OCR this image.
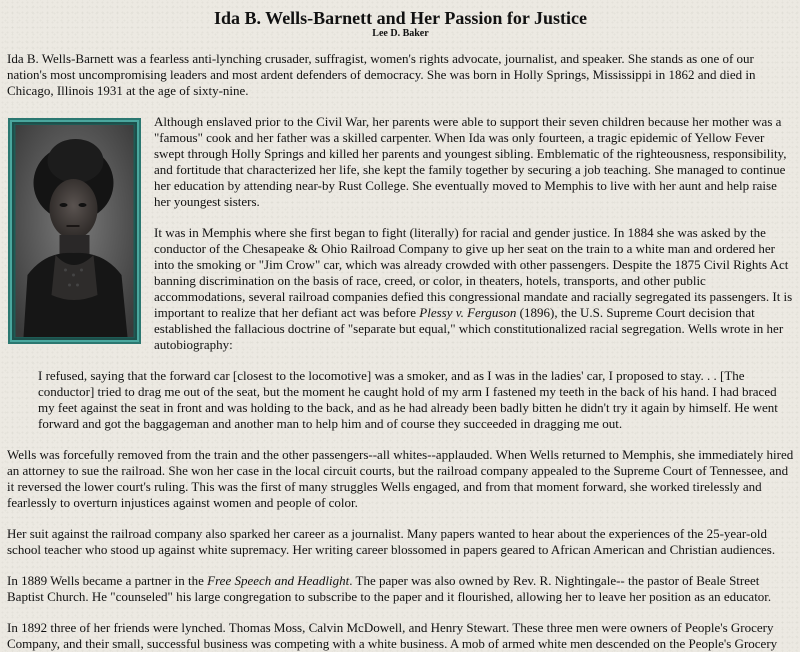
Ida B. Wells-Barnett and Her Passion for Justice
Lee D. Baker

Ida B. Wells-Barnett was a fearless anti-lynching crusader, suffragist, women's rights advocate, journalist, and speaker. She stands as one of our nation's most uncompromising leaders and most ardent defenders of democracy. She was born in Holly Springs, Mississippi in 1862 and died in Chicago, Illinois 1931 at the age of sixty-nine.

Although enslaved prior to the Civil War, her parents were able to support their seven children because her mother was a "famous" cook and her father was a skilled carpenter. When Ida was only fourteen, a tragic epidemic of Yellow Fever swept through Holly Springs and killed her parents and youngest sibling. Emblematic of the righteousness, responsibility, and fortitude that characterized her life, she kept the family together by securing a job teaching. She managed to continue her education by attending near-by Rust College. She eventually moved to Memphis to live with her aunt and help raise her youngest sisters.

It was in Memphis where she first began to fight (literally) for racial and gender justice. In 1884 she was asked by the conductor of the Chesapeake & Ohio Railroad Company to give up her seat on the train to a white man and ordered her into the smoking or "Jim Crow" car, which was already crowded with other passengers. Despite the 1875 Civil Rights Act banning discrimination on the basis of race, creed, or color, in theaters, hotels, transports, and other public accommodations, several railroad companies defied this congressional mandate and racially segregated its passengers. It is important to realize that her defiant act was before Plessy v. Ferguson (1896), the U.S. Supreme Court decision that established the fallacious doctrine of "separate but equal," which constitutionalized racial segregation. Wells wrote in her autobiography:

I refused, saying that the forward car [closest to the locomotive] was a smoker, and as I was in the ladies' car, I proposed to stay. . . [The conductor] tried to drag me out of the seat, but the moment he caught hold of my arm I fastened my teeth in the back of his hand. I had braced my feet against the seat in front and was holding to the back, and as he had already been badly bitten he didn't try it again by himself. He went forward and got the baggageman and another man to help him and of course they succeeded in dragging me out.

Wells was forcefully removed from the train and the other passengers--all whites--applauded. When Wells returned to Memphis, she immediately hired an attorney to sue the railroad. She won her case in the local circuit courts, but the railroad company appealed to the Supreme Court of Tennessee, and it reversed the lower court's ruling. This was the first of many struggles Wells engaged, and from that moment forward, she worked tirelessly and fearlessly to overturn injustices against women and people of color.

Her suit against the railroad company also sparked her career as a journalist. Many papers wanted to hear about the experiences of the 25-year-old school teacher who stood up against white supremacy. Her writing career blossomed in papers geared to African American and Christian audiences.

In 1889 Wells became a partner in the Free Speech and Headlight. The paper was also owned by Rev. R. Nightingale-- the pastor of Beale Street Baptist Church. He "counseled" his large congregation to subscribe to the paper and it flourished, allowing her to leave her position as an educator.

In 1892 three of her friends were lynched. Thomas Moss, Calvin McDowell, and Henry Stewart. These three men were owners of People's Grocery Company, and their small, successful business was competing with a white business. A mob of armed white men descended on the People's Grocery
